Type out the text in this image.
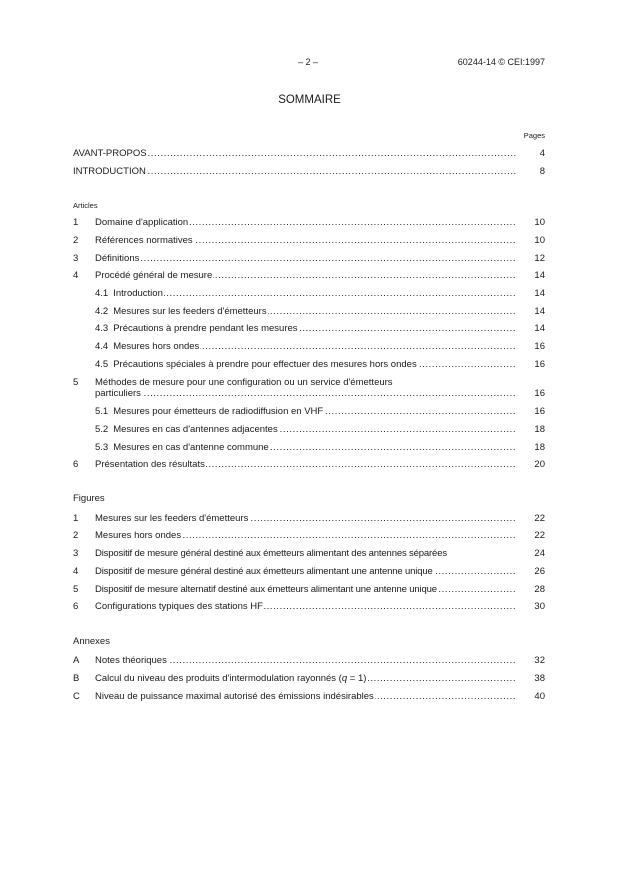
– 2 –	60244-14 © CEI:1997
SOMMAIRE
Pages
AVANT-PROPOS .....	4
INTRODUCTION .....	8
Articles
1 Domaine d'application .....	10
2 Références normatives .....	10
3 Définitions .....	12
4 Procédé général de mesure .....	14
4.1 Introduction .....	14
4.2 Mesures sur les feeders d'émetteurs .....	14
4.3 Précautions à prendre pendant les mesures .....	14
4.4 Mesures hors ondes .....	16
4.5 Précautions spéciales à prendre pour effectuer des mesures hors ondes .....	16
5 Méthodes de mesure pour une configuration ou un service d'émetteurs
particuliers .....	16
5.1 Mesures pour émetteurs de radiodiffusion en VHF .....	16
5.2 Mesures en cas d'antennes adjacentes .....	18
5.3 Mesures en cas d'antenne commune .....	18
6 Présentation des résultats .....	20
Figures
1 Mesures sur les feeders d'émetteurs .....	22
2 Mesures hors ondes .....	22
3 Dispositif de mesure général destiné aux émetteurs alimentant des antennes séparées	24
4 Dispositif de mesure général destiné aux émetteurs alimentant une antenne unique .....	26
5 Dispositif de mesure alternatif destiné aux émetteurs alimentant une antenne unique .....	28
6 Configurations typiques des stations HF .....	30
Annexes
A Notes théoriques .....	32
B Calcul du niveau des produits d'intermodulation rayonnés (q = 1) .....	38
C Niveau de puissance maximal autorisé des émissions indésirables .....	40
